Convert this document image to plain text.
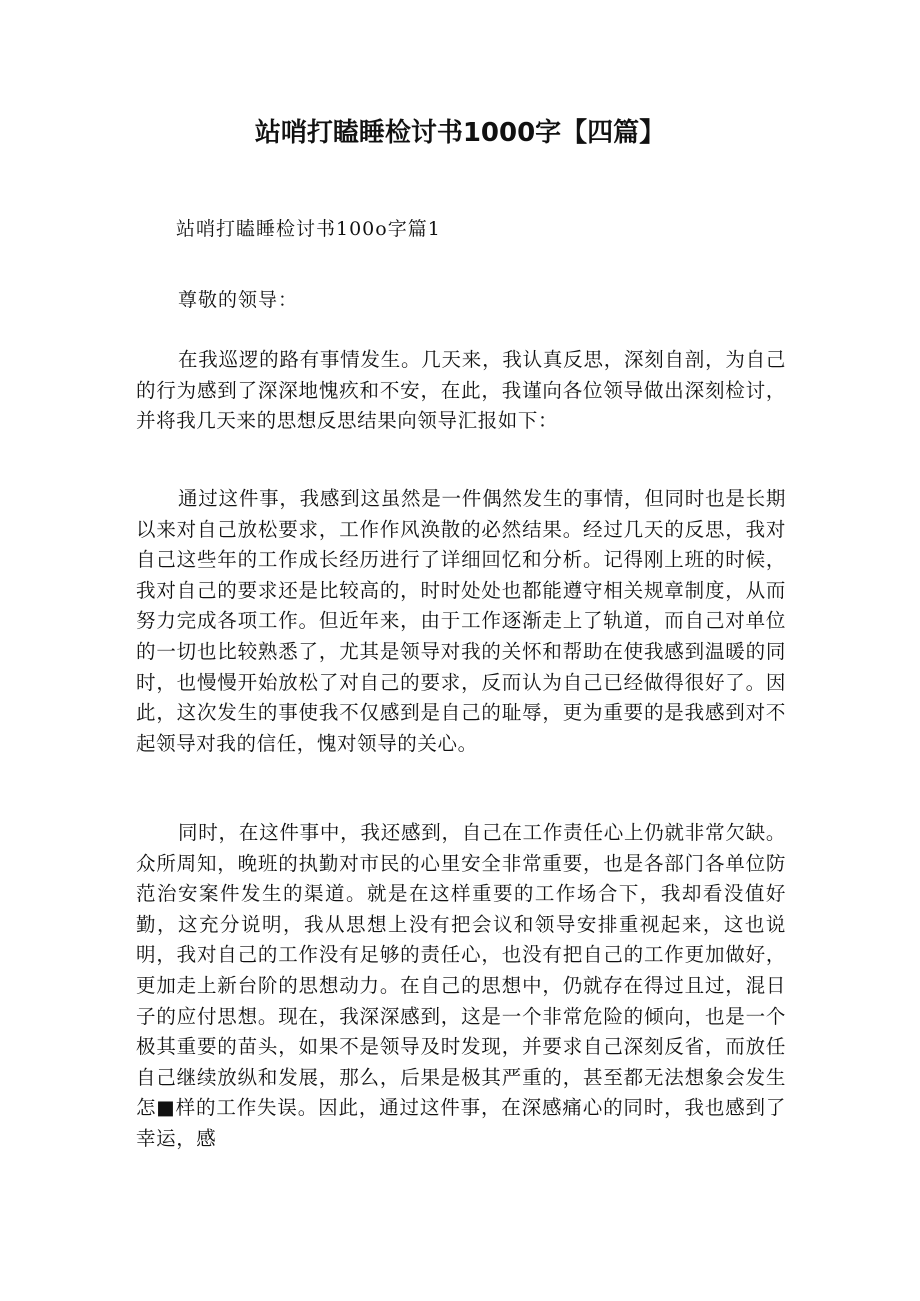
站哨打瞌睡检讨书1000字【四篇】

站哨打瞌睡检讨书100o字篇1

尊敬的领导：

在我巡逻的路有事情发生。几天来，我认真反思，深刻自剖，为自己的行为感到了深深地愧疚和不安，在此，我谨向各位领导做出深刻检讨，并将我几天来的思想反思结果向领导汇报如下：

通过这件事，我感到这虽然是一件偶然发生的事情，但同时也是长期以来对自己放松要求，工作作风涣散的必然结果。经过几天的反思，我对自己这些年的工作成长经历进行了详细回忆和分析。记得刚上班的时候，我对自己的要求还是比较高的，时时处处也都能遵守相关规章制度，从而努力完成各项工作。但近年来，由于工作逐渐走上了轨道，而自己对单位的一切也比较熟悉了，尤其是领导对我的关怀和帮助在使我感到温暖的同时，也慢慢开始放松了对自己的要求，反而认为自己已经做得很好了。因此，这次发生的事使我不仅感到是自己的耻辱，更为重要的是我感到对不起领导对我的信任，愧对领导的关心。

同时，在这件事中，我还感到，自己在工作责任心上仍就非常欠缺。众所周知，晚班的执勤对市民的心里安全非常重要，也是各部门各单位防范治安案件发生的渠道。就是在这样重要的工作场合下，我却看没值好勤，这充分说明，我从思想上没有把会议和领导安排重视起来，这也说明，我对自己的工作没有足够的责任心，也没有把自己的工作更加做好，更加走上新台阶的思想动力。在自己的思想中，仍就存在得过且过，混日子的应付思想。现在，我深深感到，这是一个非常危险的倾向，也是一个极其重要的苗头，如果不是领导及时发现，并要求自己深刻反省，而放任自己继续放纵和发展，那么，后果是极其严重的，甚至都无法想象会发生怎■样的工作失误。因此，通过这件事，在深感痛心的同时，我也感到了幸运，感
